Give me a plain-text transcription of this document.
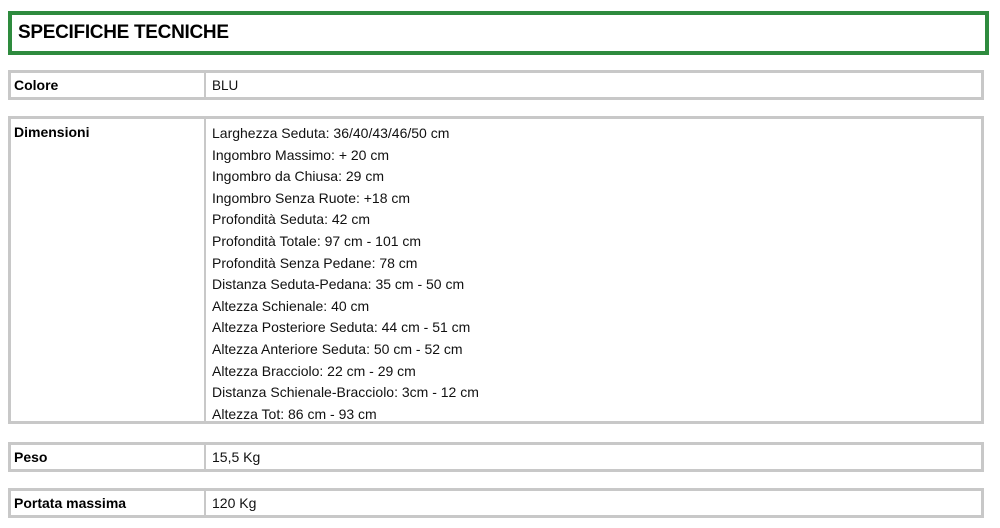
SPECIFICHE TECNICHE
Colore	BLU
Dimensioni	Larghezza Seduta: 36/40/43/46/50 cm
Ingombro Massimo: + 20 cm
Ingombro da Chiusa: 29 cm
Ingombro Senza Ruote: +18 cm
Profondità Seduta: 42 cm
Profondità Totale: 97 cm - 101 cm
Profondità Senza Pedane: 78 cm
Distanza Seduta-Pedana: 35 cm - 50 cm
Altezza Schienale: 40 cm
Altezza Posteriore Seduta: 44 cm - 51 cm
Altezza Anteriore Seduta: 50 cm - 52 cm
Altezza Bracciolo: 22 cm - 29 cm
Distanza Schienale-Bracciolo: 3cm - 12 cm
Altezza Tot: 86 cm - 93 cm
Peso	15,5 Kg
Portata massima	120 Kg
